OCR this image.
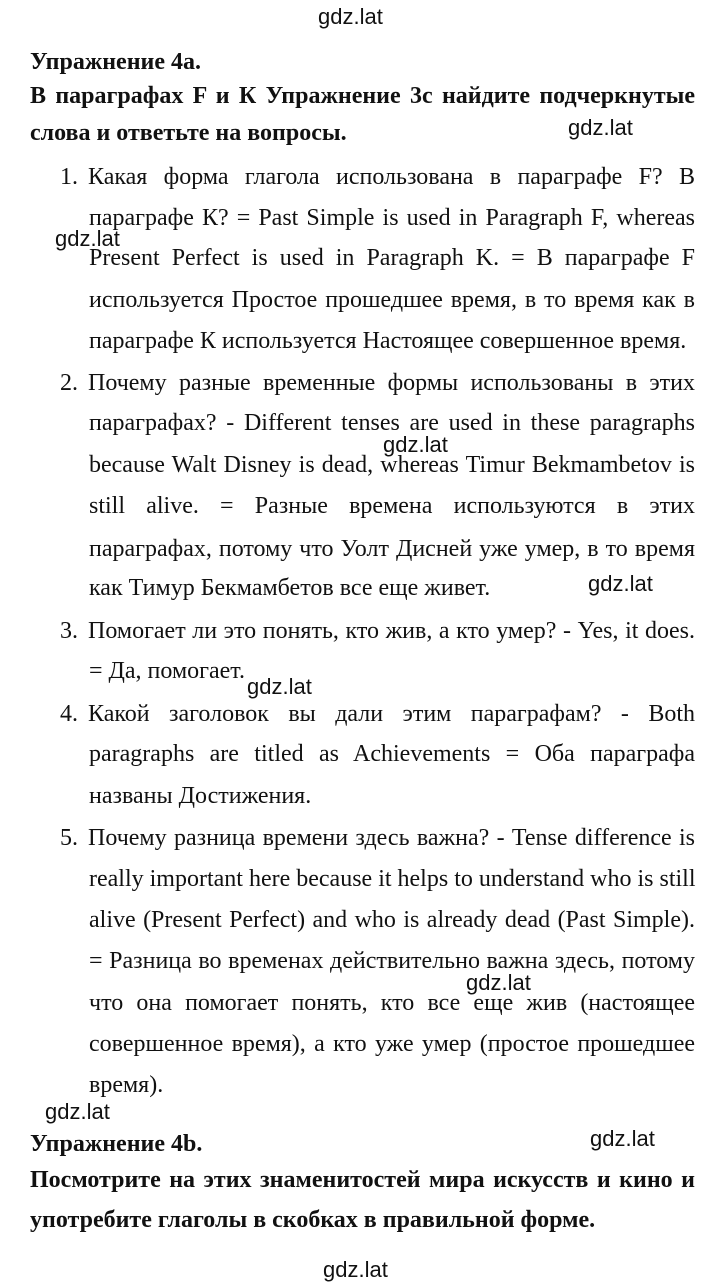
gdz.lat
gdz.lat
gdz.lat
gdz.lat
gdz.lat
gdz.lat
gdz.lat
gdz.lat
gdz.lat
gdz.lat
Упражнение 4a.
В параграфах F и К Упражнение 3c найдите подчеркнутые
слова и ответьте на вопросы.
1. Какая форма глагола использована в параграфе F? В
параграфе К? = Past Simple is used in Paragraph F, whereas
Present Perfect is used in Paragraph K. = В параграфе F
используется Простое прошедшее время, в то время как в
параграфе К используется Настоящее совершенное время.
2. Почему разные временные формы использованы в этих
параграфах? - Different tenses are used in these paragraphs
because Walt Disney is dead, whereas Timur Bekmambetov is
still alive. = Разные времена используются в этих
параграфах, потому что Уолт Дисней уже умер, в то время
как Тимур Бекмамбетов все еще живет.
3. Помогает ли это понять, кто жив, а кто умер? - Yes, it does.
= Да, помогает.
4. Какой заголовок вы дали этим параграфам? - Both
paragraphs are titled as Achievements = Оба параграфа
названы Достижения.
5. Почему разница времени здесь важна? - Tense difference is
really important here because it helps to understand who is still
alive (Present Perfect) and who is already dead (Past Simple).
= Разница во временах действительно важна здесь, потому
что она помогает понять, кто все еще жив (настоящее
совершенное время), а кто уже умер (простое прошедшее
время).
Упражнение 4b.
Посмотрите на этих знаменитостей мира искусств и кино и
употребите глаголы в скобках в правильной форме.
